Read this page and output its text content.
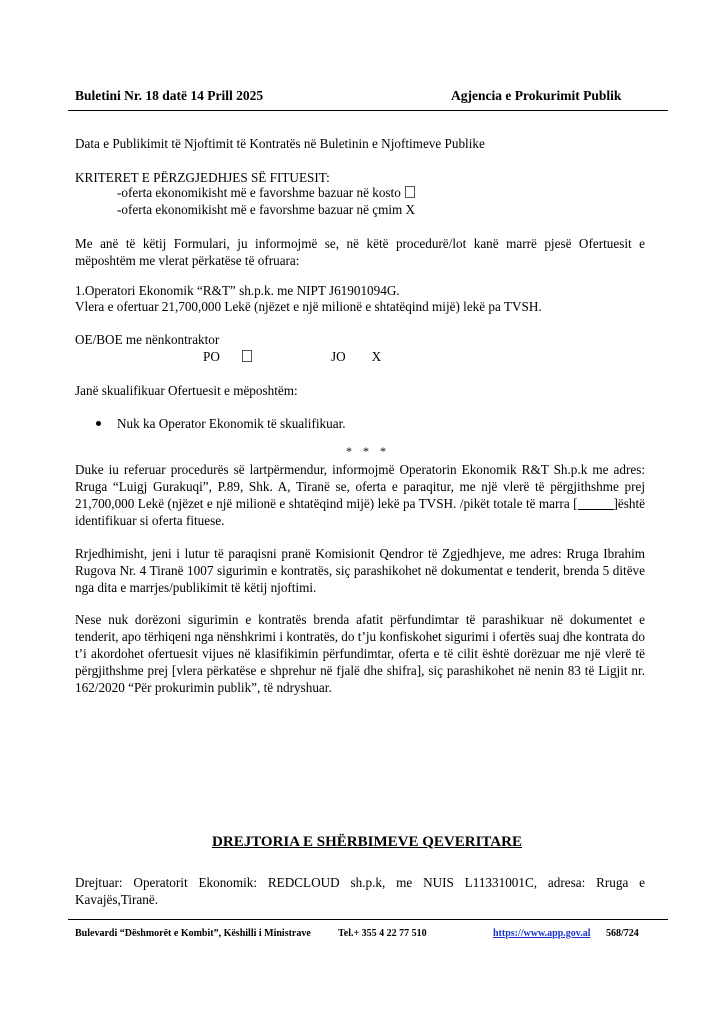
Buletini Nr. 18 datë 14 Prill 2025	Agjencia e Prokurimit Publik

Data e Publikimit të Njoftimit të Kontratës në Buletinin e Njoftimeve Publike

KRITERET E PËRZGJEDHJES SË FITUESIT:

-oferta ekonomikisht më e favorshme bazuar në kosto

-oferta ekonomikisht më e favorshme bazuar në çmim X

Me anë të këtij Formulari, ju informojmë se, në këtë procedurë/lot kanë marrë pjesë Ofertuesit e mëposhtëm me vlerat përkatëse të ofruara:

1.Operatori Ekonomik “R&T” sh.p.k. me NIPT J61901094G.

Vlera e ofertuar 21,700,000 Lekë (njëzet e një milionë e shtatëqind mijë) lekë pa TVSH.

OE/BOE me nënkontraktor

PO	JO X

Janë skualifikuar Ofertuesit e mëposhtëm:

Nuk ka Operator Ekonomik të skualifikuar.

* * *

Duke iu referuar procedurës së lartpërmendur, informojmë Operatorin Ekonomik R&T Sh.p.k me adres: Rruga “Luigj Gurakuqi”, P.89, Shk. A, Tiranë se, oferta e paraqitur, me një vlerë të përgjithshme prej 21,700,000 Lekë (njëzet e një milionë e shtatëqind mijë) lekë pa TVSH. /pikët totale të marra [	]është identifikuar si oferta fituese.

Rrjedhimisht, jeni i lutur të paraqisni pranë Komisionit Qendror të Zgjedhjeve, me adres: Rruga Ibrahim Rugova Nr. 4 Tiranë 1007 sigurimin e kontratës, siç parashikohet në dokumentat e tenderit, brenda 5 ditëve nga dita e marrjes/publikimit të këtij njoftimi.

Nese nuk dorëzoni sigurimin e kontratës brenda afatit përfundimtar të parashikuar në dokumentet e tenderit, apo tërhiqeni nga nënshkrimi i kontratës, do t’ju konfiskohet sigurimi i ofertës suaj dhe kontrata do t’i akordohet ofertuesit vijues në klasifikimin përfundimtar, oferta e të cilit është dorëzuar me një vlerë të përgjithshme prej [vlera përkatëse e shprehur në fjalë dhe shifra], siç parashikohet në nenin 83 të Ligjit nr. 162/2020 “Për prokurimin publik”, të ndryshuar.

DREJTORIA E SHËRBIMEVE QEVERITARE

Drejtuar: Operatorit Ekonomik: REDCLOUD sh.p.k, me NUIS L11331001C, adresa: Rruga e Kavajës,Tiranë.

Bulevardi “Dëshmorët e Kombit”, Këshilli i Ministrave	Tel.+ 355 4 22 77 510	https://www.app.gov.al 568/724
